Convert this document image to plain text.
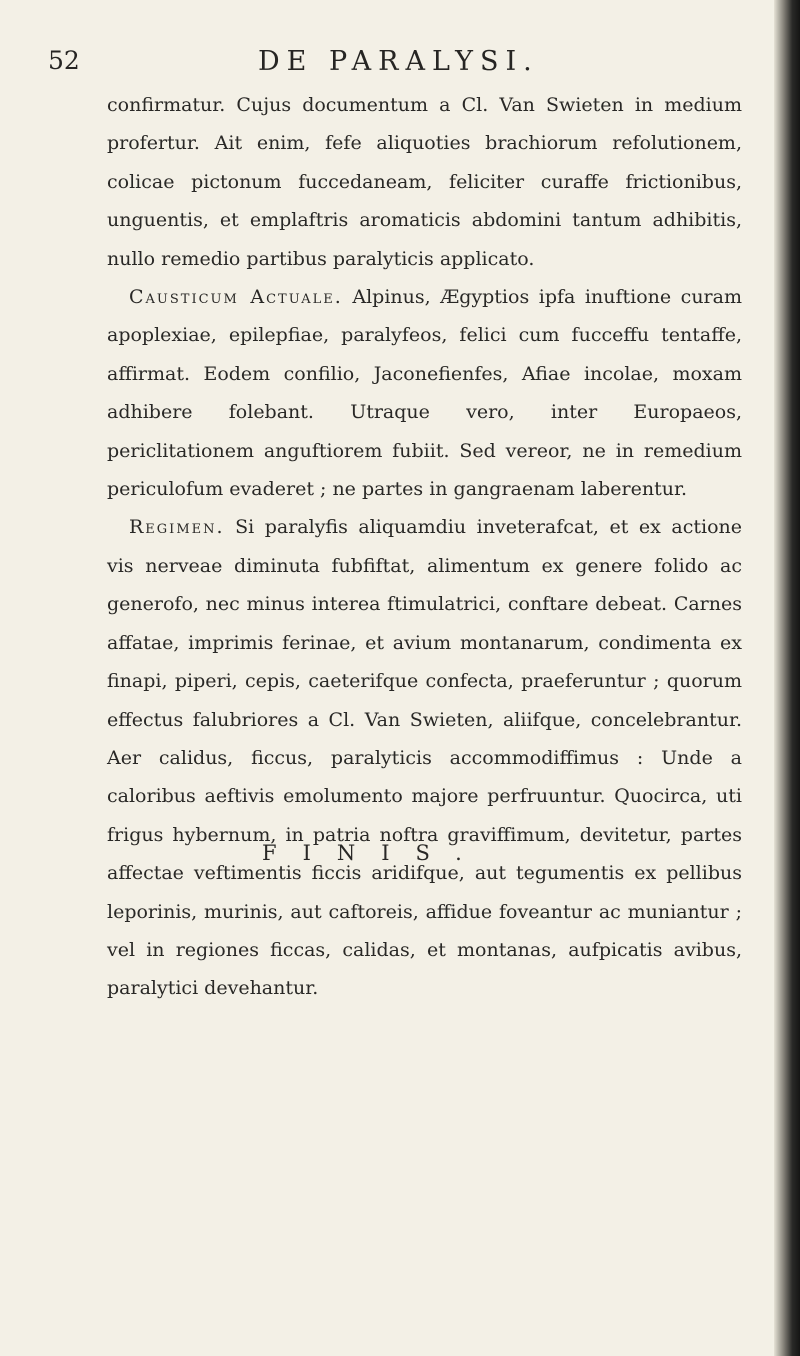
52	DE PARALYSI.

confirmatur. Cujus documentum a Cl. Van Swieten in medium profertur. Ait enim, fefe aliquoties brachiorum refolutionem, colicae pictonum fuccedaneam, feliciter curaffe frictionibus, unguentis, et emplaftris aromaticis abdomini tantum adhibitis, nullo remedio partibus paralyticis applicato.

Causticum Actuale. Alpinus, Ægyptios ipfa inuftione curam apoplexiae, epilepfiae, paralyfeos, felici cum fucceffu tentaffe, affirmat. Eodem confilio, Jaconefienfes, Afiae incolae, moxam adhibere folebant. Utraque vero, inter Europaeos, periclitationem anguftiorem fubiit. Sed vereor, ne in remedium periculofum evaderet ; ne partes in gangraenam laberentur.

Regimen. Si paralyfis aliquamdiu inveterafcat, et ex actione vis nerveae diminuta fubfiftat, alimentum ex genere folido ac generofo, nec minus interea ftimulatrici, conftare debeat. Carnes affatae, imprimis ferinae, et avium montanarum, condimenta ex finapi, piperi, cepis, caeterifque confecta, praeferuntur ; quorum effectus falubriores a Cl. Van Swieten, aliifque, concelebrantur. Aer calidus, ficcus, paralyticis accommodiffimus : Unde a caloribus aeftivis emolumento majore perfruuntur. Quocirca, uti frigus hybernum, in patria noftra graviffimum, devitetur, partes affectae veftimentis ficcis aridifque, aut tegumentis ex pellibus leporinis, murinis, aut caftoreis, affidue foveantur ac muniantur ; vel in regiones ficcas, calidas, et montanas, aufpicatis avibus, paralytici devehantur.

FINIS.
